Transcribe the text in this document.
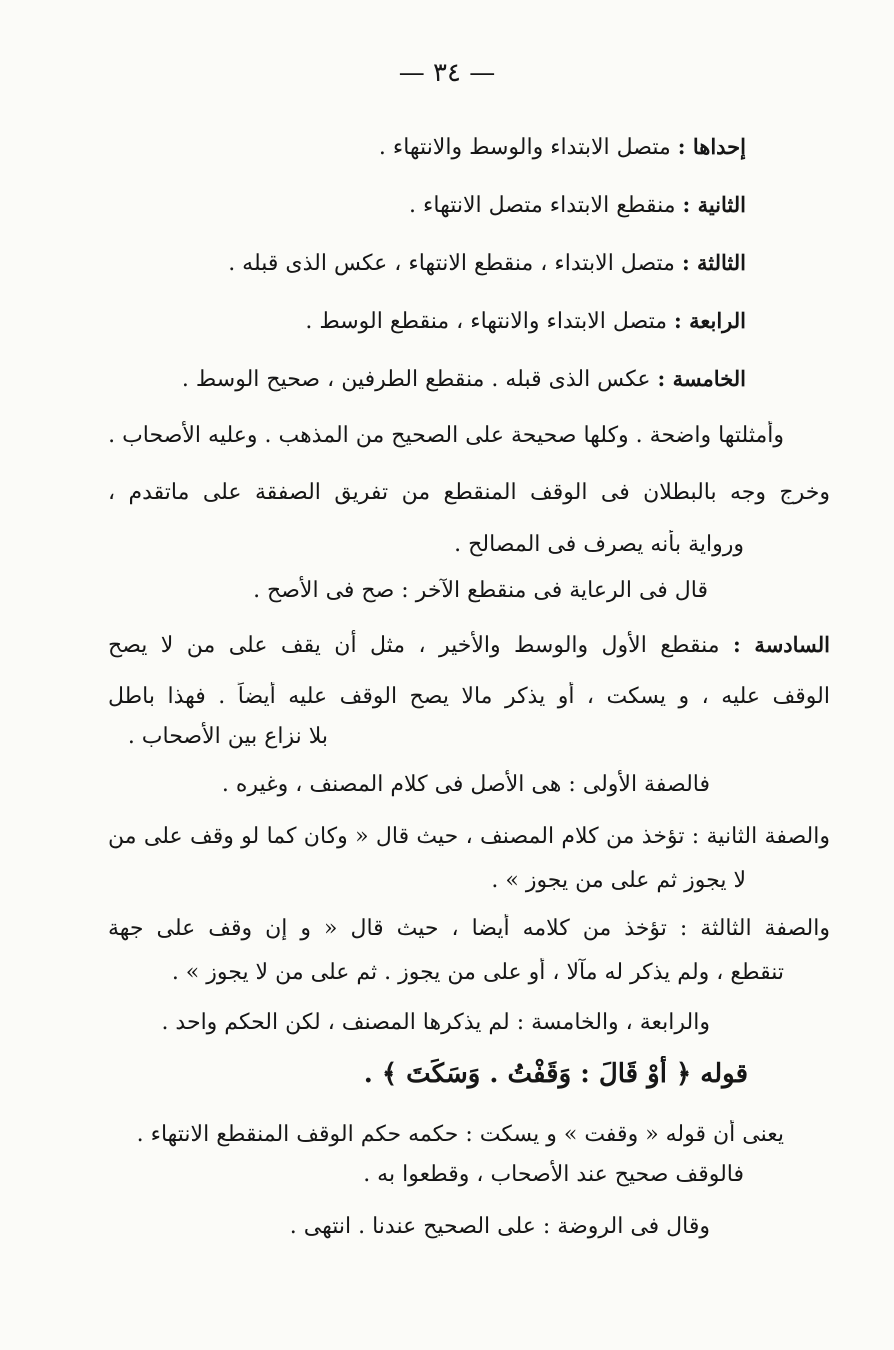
— ٣٤ —
إحداها : متصل الابتداء والوسط والانتهاء .
الثانية : منقطع الابتداء متصل الانتهاء .
الثالثة : متصل الابتداء ، منقطع الانتهاء ، عكس الذى قبله .
الرابعة : متصل الابتداء والانتهاء ، منقطع الوسط .
الخامسة : عكس الذى قبله . منقطع الطرفين ، صحيح الوسط .
وأمثلتها واضحة . وكلها صحيحة على الصحيح من المذهب . وعليه الأصحاب .
وخرج وجه بالبطلان فى الوقف المنقطع من تفريق الصفقة على ماتقدم ،
ورواية بأنه يصرف فى المصالح .
قال فى الرعاية فى منقطع الآخر : صح فى الأصح .
السادسة : منقطع الأول والوسط والأخير ، مثل أن يقف على من لا يصح
الوقف عليه ، و يسكت ، أو يذكر مالا يصح الوقف عليه أيضاً . فهذا باطل
بلا نزاع بين الأصحاب .
فالصفة الأولى : هى الأصل فى كلام المصنف ، وغيره .
والصفة الثانية : تؤخذ من كلام المصنف ، حيث قال « وكان كما لو وقف على من
لا يجوز ثم على من يجوز » .
والصفة الثالثة : تؤخذ من كلامه أيضا ، حيث قال « و إن وقف على جهة
تنقطع ، ولم يذكر له مآلا ، أو على من يجوز . ثم على من لا يجوز » .
والرابعة ، والخامسة : لم يذكرها المصنف ، لكن الحكم واحد .
قوله ﴿ أَوْ قَالَ : وَقَفْتُ . وَسَكَتَ ﴾ .
يعنى أن قوله « وقفت » و يسكت : حكمه حكم الوقف المنقطع الانتهاء .
فالوقف صحيح عند الأصحاب ، وقطعوا به .
وقال فى الروضة : على الصحيح عندنا . انتهى .
